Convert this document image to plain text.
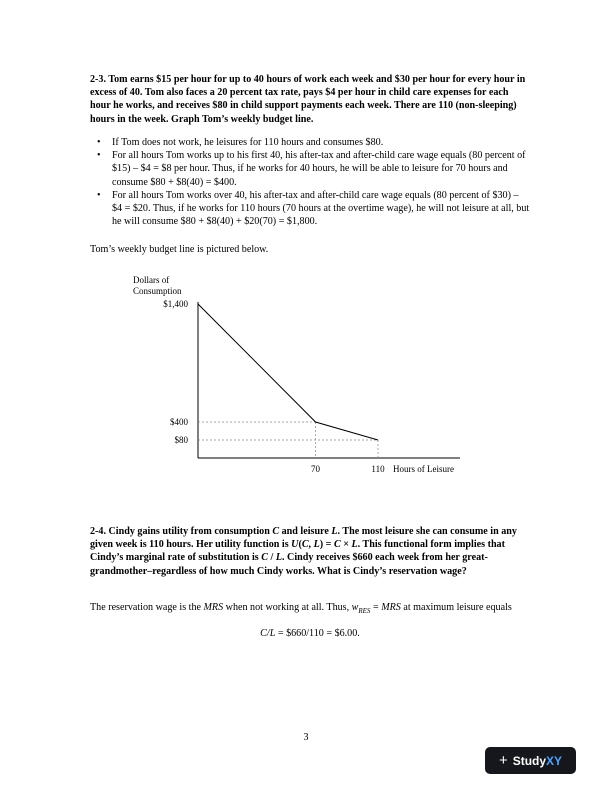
2-3. Tom earns $15 per hour for up to 40 hours of work each week and $30 per hour for every hour in excess of 40. Tom also faces a 20 percent tax rate, pays $4 per hour in child care expenses for each hour he works, and receives $80 in child support payments each week. There are 110 (non-sleeping) hours in the week. Graph Tom’s weekly budget line.
• If Tom does not work, he leisures for 110 hours and consumes $80.
• For all hours Tom works up to his first 40, his after-tax and after-child care wage equals (80 percent of $15) – $4 = $8 per hour. Thus, if he works for 40 hours, he will be able to leisure for 70 hours and consume $80 + $8(40) = $400.
• For all hours Tom works over 40, his after-tax and after-child care wage equals (80 percent of $30) – $4 = $20. Thus, if he works for 110 hours (70 hours at the overtime wage), he will not leisure at all, but he will consume $80 + $8(40) + $20(70) = $1,800.
Tom’s weekly budget line is pictured below.
Dollars of
Consumption
$1,400
$400
$80
70	110 Hours of Leisure
2-4. Cindy gains utility from consumption C and leisure L. The most leisure she can consume in any given week is 110 hours. Her utility function is U(C, L) = C × L. This functional form implies that Cindy’s marginal rate of substitution is C / L. Cindy receives $660 each week from her great-grandmother–regardless of how much Cindy works. What is Cindy’s reservation wage?
The reservation wage is the MRS when not working at all. Thus, $w_{RES}$ = MRS at maximum leisure equals
C/L = $660/110 = $6.00.
3
+ StudyXY
